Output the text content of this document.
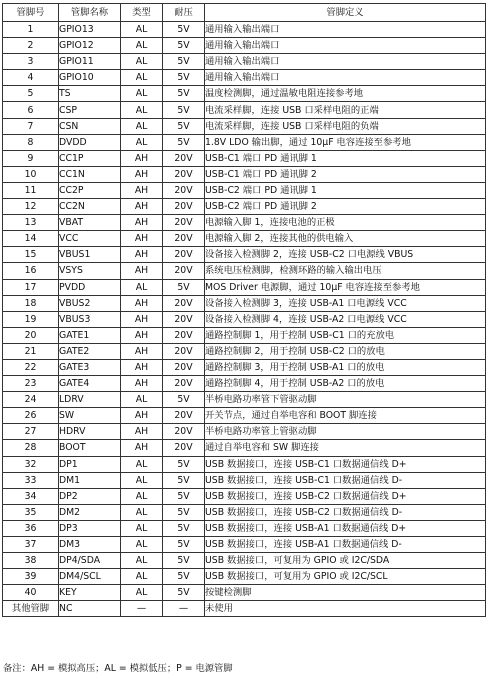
管脚号	管脚名称	类型	耐压	管脚定义
1	GPIO13	AL	5V	通用输入输出端口
2	GPIO12	AL	5V	通用输入输出端口
3	GPIO11	AL	5V	通用输入输出端口
4	GPIO10	AL	5V	通用输入输出端口
5	TS	AL	5V	温度检测脚，通过温敏电阻连接参考地
6	CSP	AL	5V	电流采样脚，连接 USB 口采样电阻的正端
7	CSN	AL	5V	电流采样脚，连接 USB 口采样电阻的负端
8	DVDD	AL	5V	1.8V LDO 输出脚，通过 10μF 电容连接至参考地
9	CC1P	AH	20V	USB-C1 端口 PD 通讯脚 1
10	CC1N	AH	20V	USB-C1 端口 PD 通讯脚 2
11	CC2P	AH	20V	USB-C2 端口 PD 通讯脚 1
12	CC2N	AH	20V	USB-C2 端口 PD 通讯脚 2
13	VBAT	AH	20V	电源输入脚 1，连接电池的正极
14	VCC	AH	20V	电源输入脚 2，连接其他的供电输入
15	VBUS1	AH	20V	设备接入检测脚 2，连接 USB-C2 口电源线 VBUS
16	VSYS	AH	20V	系统电压检测脚，检测环路的输入输出电压
17	PVDD	AL	5V	MOS Driver 电源脚，通过 10μF 电容连接至参考地
18	VBUS2	AH	20V	设备接入检测脚 3，连接 USB-A1 口电源线 VCC
19	VBUS3	AH	20V	设备接入检测脚 4，连接 USB-A2 口电源线 VCC
20	GATE1	AH	20V	通路控制脚 1，用于控制 USB-C1 口的充放电
21	GATE2	AH	20V	通路控制脚 2，用于控制 USB-C2 口的放电
22	GATE3	AH	20V	通路控制脚 3，用于控制 USB-A1 口的放电
23	GATE4	AH	20V	通路控制脚 4，用于控制 USB-A2 口的放电
24	LDRV	AL	5V	半桥电路功率管下管驱动脚
26	SW	AH	20V	开关节点，通过自举电容和 BOOT 脚连接
27	HDRV	AH	20V	半桥电路功率管上管驱动脚
28	BOOT	AH	20V	通过自举电容和 SW 脚连接
32	DP1	AL	5V	USB 数据接口，连接 USB-C1 口数据通信线 D+
33	DM1	AL	5V	USB 数据接口，连接 USB-C1 口数据通信线 D-
34	DP2	AL	5V	USB 数据接口，连接 USB-C2 口数据通信线 D+
35	DM2	AL	5V	USB 数据接口，连接 USB-C2 口数据通信线 D-
36	DP3	AL	5V	USB 数据接口，连接 USB-A1 口数据通信线 D+
37	DM3	AL	5V	USB 数据接口，连接 USB-A1 口数据通信线 D-
38	DP4/SDA	AL	5V	USB 数据接口，可复用为 GPIO 或 I2C/SDA
39	DM4/SCL	AL	5V	USB 数据接口，可复用为 GPIO 或 I2C/SCL
40	KEY	AL	5V	按键检测脚
其他管脚	NC	—	—	未使用
备注：AH = 模拟高压；AL = 模拟低压；P = 电源管脚
